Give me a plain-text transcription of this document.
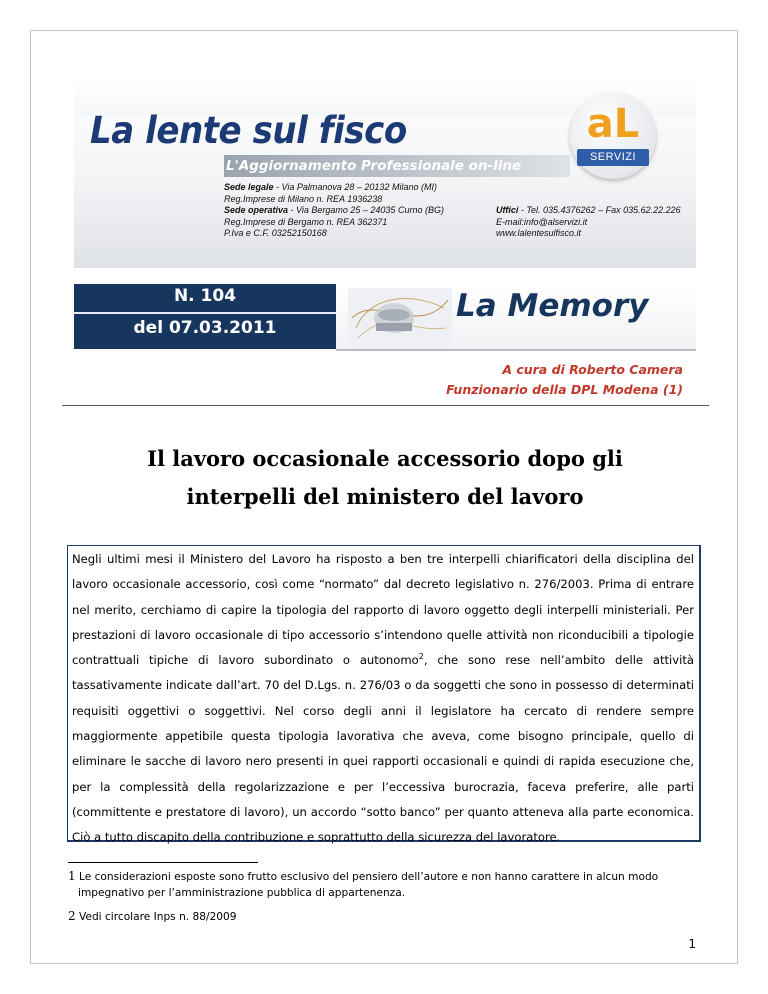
La lente sul fisco
L'Aggiornamento Professionale on-line
Sede legale - Via Palmanova 28 – 20132 Milano (MI)
Reg.Imprese di Milano n. REA 1936238
Sede operativa - Via Bergamo 25 – 24035 Curno (BG)
Reg.Imprese di Bergamo n. REA 362371
P.Iva e C.F. 03252150168
Uffici - Tel. 035.4376262 – Fax 035.62.22.226
E-mail:info@alservizi.it
www.lalentesulfisco.it
aL
SERVIZI
N. 104
del 07.03.2011
La Memory
A cura di Roberto Camera
Funzionario della DPL Modena (1)
Il lavoro occasionale accessorio dopo gli
interpelli del ministero del lavoro

Negli ultimi mesi il Ministero del Lavoro ha risposto a ben tre interpelli chiarificatori della disciplina del lavoro occasionale accessorio, così come “normato” dal decreto legislativo n. 276/2003. Prima di entrare nel merito, cerchiamo di capire la tipologia del rapporto di lavoro oggetto degli interpelli ministeriali. Per prestazioni di lavoro occasionale di tipo accessorio s’intendono quelle attività non riconducibili a tipologie contrattuali tipiche di lavoro subordinato o autonomo$^2$, che sono rese nell’ambito delle attività tassativamente indicate dall’art. 70 del D.Lgs. n. 276/03 o da soggetti che sono in possesso di determinati requisiti oggettivi o soggettivi. Nel corso degli anni il legislatore ha cercato di rendere sempre maggiormente appetibile questa tipologia lavorativa che aveva, come bisogno principale, quello di eliminare le sacche di lavoro nero presenti in quei rapporti occasionali e quindi di rapida esecuzione che, per la complessità della regolarizzazione e per l’eccessiva burocrazia, faceva preferire, alle parti (committente e prestatore di lavoro), un accordo “sotto banco” per quanto atteneva alla parte economica. Ciò a tutto discapito della contribuzione e soprattutto della sicurezza del lavoratore.

1 Le considerazioni esposte sono frutto esclusivo del pensiero dell’autore e non hanno carattere in alcun modo
impegnativo per l’amministrazione pubblica di appartenenza.
2 Vedi circolare Inps n. 88/2009
1
